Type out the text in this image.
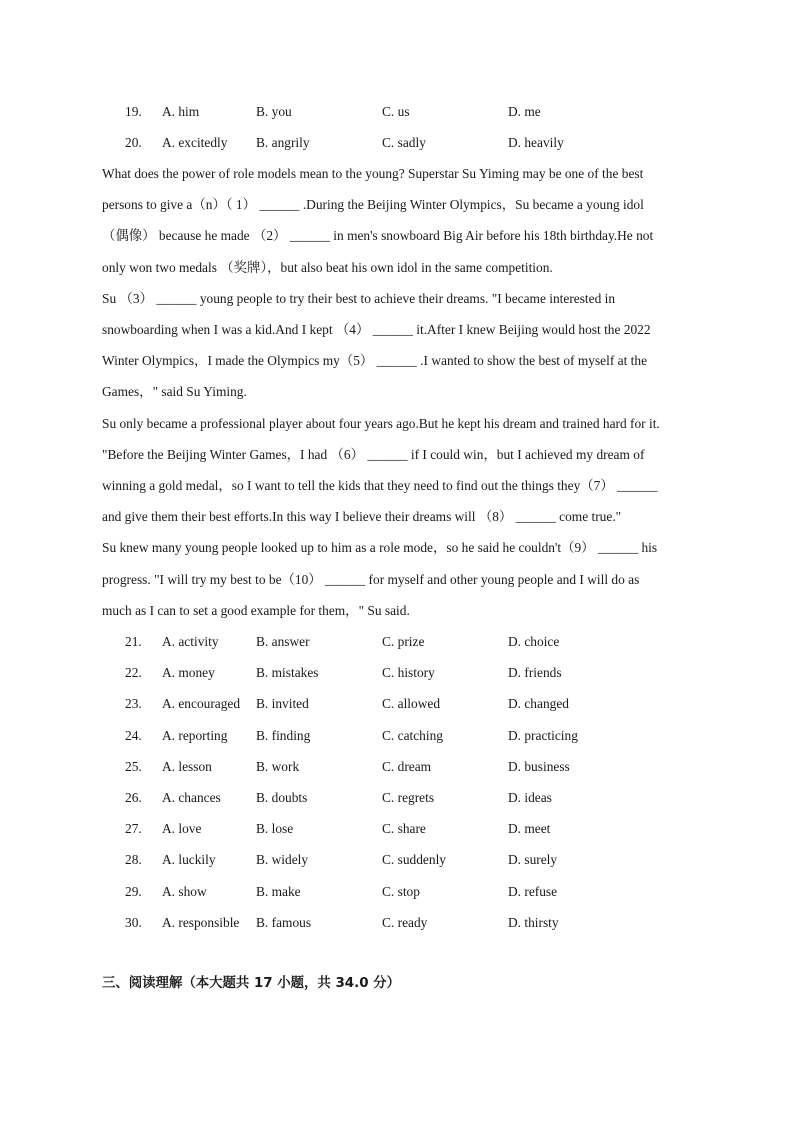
19.	A. him	B. you	C. us	D. me
20.	A. excitedly B. angrily	C. sadly	D. heavily
What does the power of role models mean to the young? Superstar Su Yiming may be one of the best
persons to give a（n）（ 1） ______ .During the Beijing Winter Olympics，Su became a young idol
（偶像） because he made （2） ______ in men's snowboard Big Air before his 18th birthday.He not
only won two medals （奖牌），but also beat his own idol in the same competition.
Su （3） ______ young people to try their best to achieve their dreams. "I became interested in
snowboarding when I was a kid.And I kept （4） ______ it.After I knew Beijing would host the 2022
Winter Olympics，I made the Olympics my（5） ______ .I wanted to show the best of myself at the
Games，" said Su Yiming.
Su only became a professional player about four years ago.But he kept his dream and trained hard for it.
"Before the Beijing Winter Games，I had （6） ______ if I could win，but I achieved my dream of
winning a gold medal，so I want to tell the kids that they need to find out the things they（7） ______
and give them their best efforts.In this way I believe their dreams will （8） ______ come true."
Su knew many young people looked up to him as a role mode，so he said he couldn't（9） ______ his
progress. "I will try my best to be（10） ______ for myself and other young people and I will do as
much as I can to set a good example for them，" Su said.
21.	A. activity	B. answer	C. prize	D. choice
22.	A. money	B. mistakes	C. history	D. friends
23.	A. encouraged B. invited	C. allowed	D. changed
24.	A. reporting B. finding	C. catching	D. practicing
25.	A. lesson	B. work	C. dream	D. business
26.	A. chances	B. doubts	C. regrets	D. ideas
27.	A. love	B. lose	C. share	D. meet
28.	A. luckily	B. widely	C. suddenly	D. surely
29.	A. show	B. make	C. stop	D. refuse
30.	A. responsible B. famous	C. ready	D. thirsty
三、阅读理解（本大题共 17 小题，共 34.0 分）
